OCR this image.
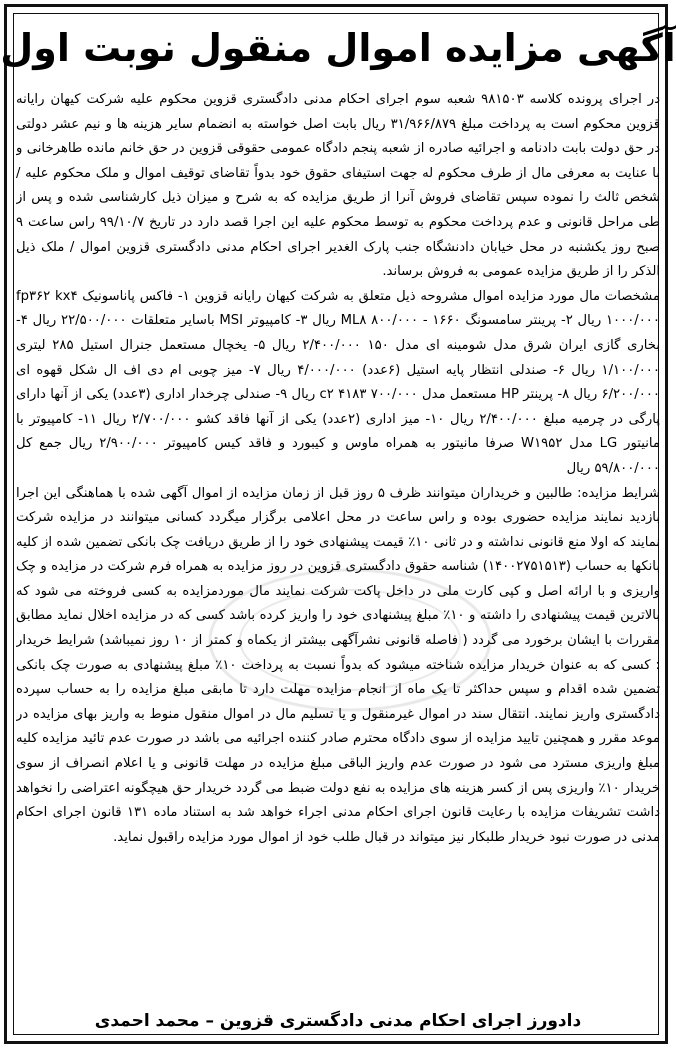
آگهی مزایده اموال منقول نوبت اول

در اجرای پرونده کلاسه ۹۸۱۵۰۳ شعبه سوم اجرای احکام مدنی دادگستری قزوین محکوم علیه شرکت کیهان رایانه قزوین محکوم است به پرداخت مبلغ ۳۱/۹۶۶/۸۷۹ ریال بابت اصل خواسته به انضمام سایر هزینه ها و نیم عشر دولتی در حق دولت بابت دادنامه و اجرائیه صادره از شعبه پنجم دادگاه عمومی حقوقی قزوین در حق خانم مانده طاهرخانی و با عنایت به معرفی مال از طرف محکوم له جهت استیفای حقوق خود بدواً تقاضای توقیف اموال و ملک محکوم علیه / شخص ثالث را نموده سپس تقاضای فروش آنرا از طریق مزایده که به شرح و میزان ذیل کارشناسی شده و پس از طی مراحل قانونی و عدم پرداخت محکوم به توسط محکوم علیه این اجرا قصد دارد در تاریخ ۹۹/۱۰/۷ راس ساعت ۹ صبح روز یکشنبه در محل خیابان دادنشگاه جنب پارک الغدیر اجرای احکام مدنی دادگستری قزوین اموال / ملک ذیل الذکر را از طریق مزایده عمومی به فروش برساند.

مشخصات مال مورد مزایده اموال مشروحه ذیل متعلق به شرکت کیهان رایانه قزوین ۱- فاکس پاناسونیک fp۳۶۲ kx۴ ۱۰۰۰/۰۰۰ ریال ۲- پرینتر سامسونگ ۱۶۶۰ - ML۸ ۸۰۰/۰۰۰ ریال ۳- کامپیوتر MSI باسایر متعلقات ۲۲/۵۰۰/۰۰۰ ریال ۴- بخاری گازی ایران شرق مدل شومینه ای مدل ۱۵۰ ۲/۴۰۰/۰۰۰ ریال ۵- یخچال مستعمل جنرال استیل ۲۸۵ لیتری ۱/۱۰۰/۰۰۰ ریال ۶- صندلی انتظار پایه استیل (۶عدد) ۴/۰۰۰/۰۰۰ ریال ۷- میز چوبی ام دی اف ال شکل قهوه ای ۶/۲۰۰/۰۰۰ ریال ۸- پرینتر HP مستعمل مدل c۲ ۴۱۸۳ ۷۰۰/۰۰۰ ریال ۹- صندلی چرخدار اداری (۳عدد) یکی از آنها دارای پارگی در چرمیه مبلغ ۲/۴۰۰/۰۰۰ ریال ۱۰- میز اداری (۲عدد) یکی از آنها فاقد کشو ۲/۷۰۰/۰۰۰ ریال ۱۱- کامپیوتر با مانیتور LG مدل W۱۹۵۲ صرفا مانیتور به همراه ماوس و کیبورد و فاقد کیس کامپیوتر ۲/۹۰۰/۰۰۰ ریال جمع کل ۵۹/۸۰۰/۰۰۰ ریال

شرایط مزایده: طالبین و خریداران میتوانند ظرف ۵ روز قبل از زمان مزایده از اموال آگهی شده با هماهنگی این اجرا بازدید نمایند مزایده حضوری بوده و راس ساعت در محل اعلامی برگزار میگردد کسانی میتوانند در مزایده شرکت نمایند که اولا منع قانونی نداشته و در ثانی ۱۰٪ قیمت پیشنهادی خود را از طریق دریافت چک بانکی تضمین شده از کلیه بانکها به حساب (۱۴۰۰۲۷۵۱۵۱۳) شناسه حقوق دادگستری قزوین در روز مزایده به همراه فرم شرکت در مزایده و چک واریزی و با ارائه اصل و کپی کارت ملی در داخل پاکت شرکت نمایند مال موردمزایده به کسی فروخته می شود که بالاترین قیمت پیشنهادی را داشته و ۱۰٪ مبلغ پیشنهادی خود را واریز کرده باشد کسی که در مزایده اخلال نماید مطابق مقررات با ایشان برخورد می گردد ( فاصله قانونی نشرآگهی بیشتر از یکماه و کمتر از ۱۰ روز نمیباشد) شرایط خریدار : کسی که به عنوان خریدار مزایده شناخته میشود که بدواً نسبت به پرداخت ۱۰٪ مبلغ پیشنهادی به صورت چک بانکی تضمین شده اقدام و سپس حداکثر تا یک ماه از انجام مزایده مهلت دارد تا مابقی مبلغ مزایده را به حساب سپرده دادگستری واریز نمایند. انتقال سند در اموال غیرمنقول و یا تسلیم مال در اموال منقول منوط به واریز بهای مزایده در موعد مقرر و همچنین تایید مزایده از سوی دادگاه محترم صادر کننده اجرائیه می باشد در صورت عدم تائید مزایده کلیه مبلغ واریزی مسترد می شود در صورت عدم واریز الباقی مبلغ مزایده در مهلت قانونی و یا اعلام انصراف از سوی خریدار ۱۰٪ واریزی پس از کسر هزینه های مزایده به نفع دولت ضبط می گردد خریدار حق هیچگونه اعتراضی را نخواهد داشت تشریفات مزایده با رعایت قانون اجرای احکام مدنی اجراء خواهد شد به استناد ماده ۱۳۱ قانون اجرای احکام مدنی در صورت نبود خریدار طلبکار نیز میتواند در قبال طلب خود از اموال مورد مزایده راقبول نماید.

دادورز اجرای احکام مدنی دادگستری قزوین – محمد احمدی
